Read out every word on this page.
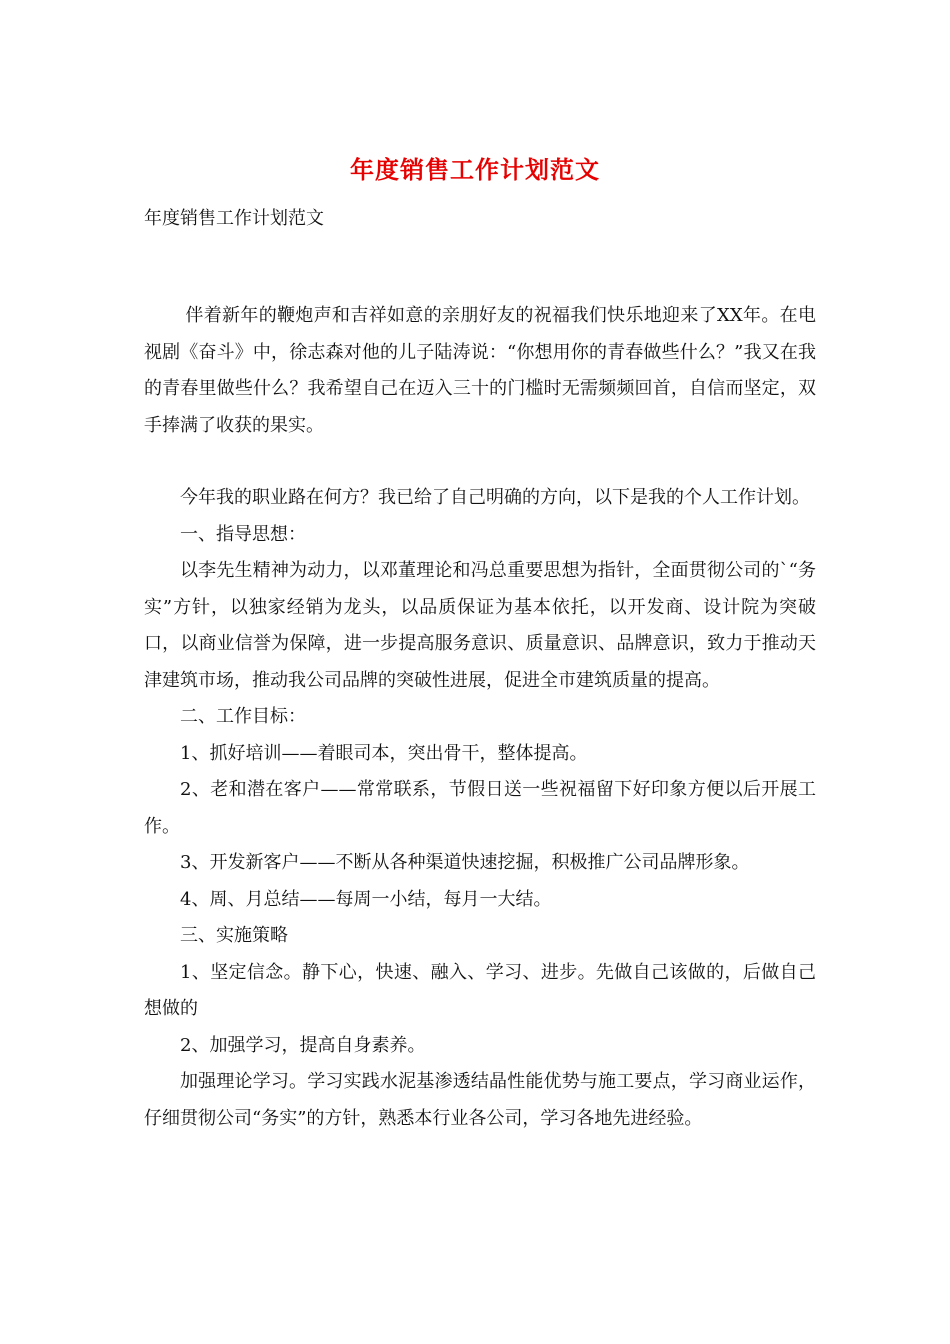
年度销售工作计划范文
年度销售工作计划范文

伴着新年的鞭炮声和吉祥如意的亲朋好友的祝福我们快乐地迎来了XX年。在电视剧《奋斗》中，徐志森对他的儿子陆涛说：“你想用你的青春做些什么？”我又在我的青春里做些什么？我希望自己在迈入三十的门槛时无需频频回首，自信而坚定，双手捧满了收获的果实。

今年我的职业路在何方？我已给了自己明确的方向，以下是我的个人工作计划。

一、指导思想：

以李先生精神为动力，以邓董理论和冯总重要思想为指针，全面贯彻公司的`“务实”方针，以独家经销为龙头，以品质保证为基本依托，以开发商、设计院为突破口，以商业信誉为保障，进一步提高服务意识、质量意识、品牌意识，致力于推动天津建筑市场，推动我公司品牌的突破性进展，促进全市建筑质量的提高。

二、工作目标：

1、抓好培训——着眼司本，突出骨干，整体提高。

2、老和潜在客户——常常联系，节假日送一些祝福留下好印象方便以后开展工作。

3、开发新客户——不断从各种渠道快速挖掘，积极推广公司品牌形象。

4、周、月总结——每周一小结，每月一大结。

三、实施策略

1、坚定信念。静下心，快速、融入、学习、进步。先做自己该做的，后做自己想做的

2、加强学习，提高自身素养。

加强理论学习。学习实践水泥基渗透结晶性能优势与施工要点，学习商业运作，仔细贯彻公司“务实”的方针，熟悉本行业各公司，学习各地先进经验。
